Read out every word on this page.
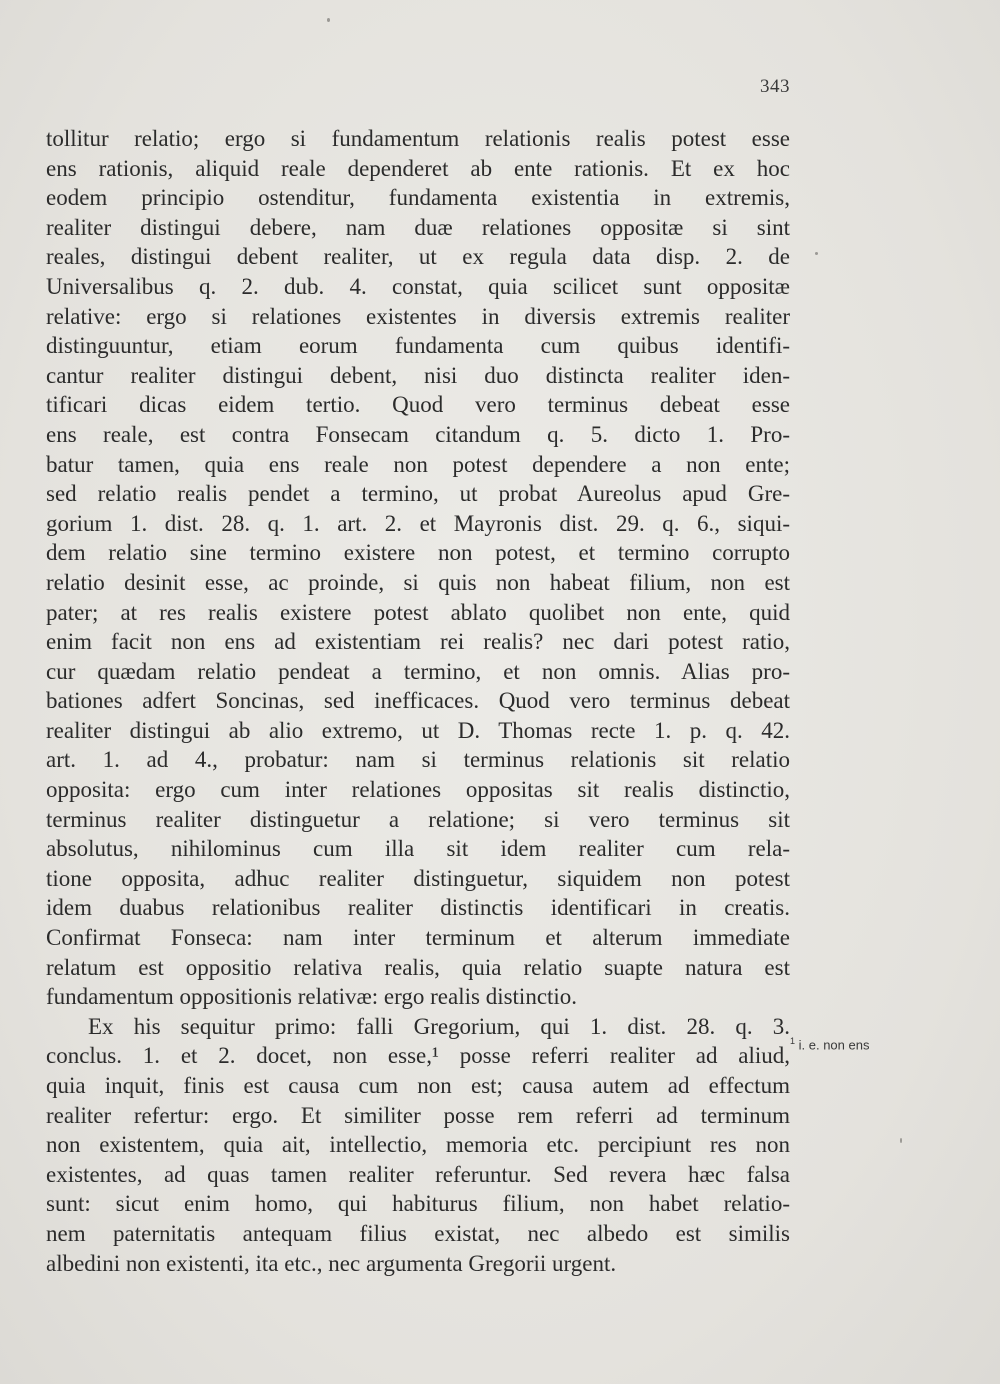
343
tollitur relatio; ergo si fundamentum relationis realis potest esse
ens rationis, aliquid reale dependeret ab ente rationis. Et ex hoc
eodem principio ostenditur, fundamenta existentia in extremis,
realiter distingui debere, nam duæ relationes oppositæ si sint
reales, distingui debent realiter, ut ex regula data disp. 2. de
Universalibus q. 2. dub. 4. constat, quia scilicet sunt oppositæ
relative: ergo si relationes existentes in diversis extremis realiter
distinguuntur, etiam eorum fundamenta cum quibus identifi-
cantur realiter distingui debent, nisi duo distincta realiter iden-
tificari dicas eidem tertio. Quod vero terminus debeat esse
ens reale, est contra Fonsecam citandum q. 5. dicto 1. Pro-
batur tamen, quia ens reale non potest dependere a non ente;
sed relatio realis pendet a termino, ut probat Aureolus apud Gre-
gorium 1. dist. 28. q. 1. art. 2. et Mayronis dist. 29. q. 6., siqui-
dem relatio sine termino existere non potest, et termino corrupto
relatio desinit esse, ac proinde, si quis non habeat filium, non est
pater; at res realis existere potest ablato quolibet non ente, quid
enim facit non ens ad existentiam rei realis? nec dari potest ratio,
cur quædam relatio pendeat a termino, et non omnis. Alias pro-
bationes adfert Soncinas, sed inefficaces. Quod vero terminus debeat
realiter distingui ab alio extremo, ut D. Thomas recte 1. p. q. 42.
art. 1. ad 4., probatur: nam si terminus relationis sit relatio
opposita: ergo cum inter relationes oppositas sit realis distinctio,
terminus realiter distinguetur a relatione; si vero terminus sit
absolutus, nihilominus cum illa sit idem realiter cum rela-
tione opposita, adhuc realiter distinguetur, siquidem non potest
idem duabus relationibus realiter distinctis identificari in creatis.
Confirmat Fonseca: nam inter terminum et alterum immediate
relatum est oppositio relativa realis, quia relatio suapte natura est
fundamentum oppositionis relativæ: ergo realis distinctio.
Ex his sequitur primo: falli Gregorium, qui 1. dist. 28. q. 3.
conclus. 1. et 2. docet, non esse,¹ posse referri realiter ad aliud,
quia inquit, finis est causa cum non est; causa autem ad effectum
realiter refertur: ergo. Et similiter posse rem referri ad terminum
non existentem, quia ait, intellectio, memoria etc. percipiunt res non
existentes, ad quas tamen realiter referuntur. Sed revera hæc falsa
sunt: sicut enim homo, qui habiturus filium, non habet relatio-
nem paternitatis antequam filius existat, nec albedo est similis
albedini non existenti, ita etc., nec argumenta Gregorii urgent.
$^1$ i. e. non ens
